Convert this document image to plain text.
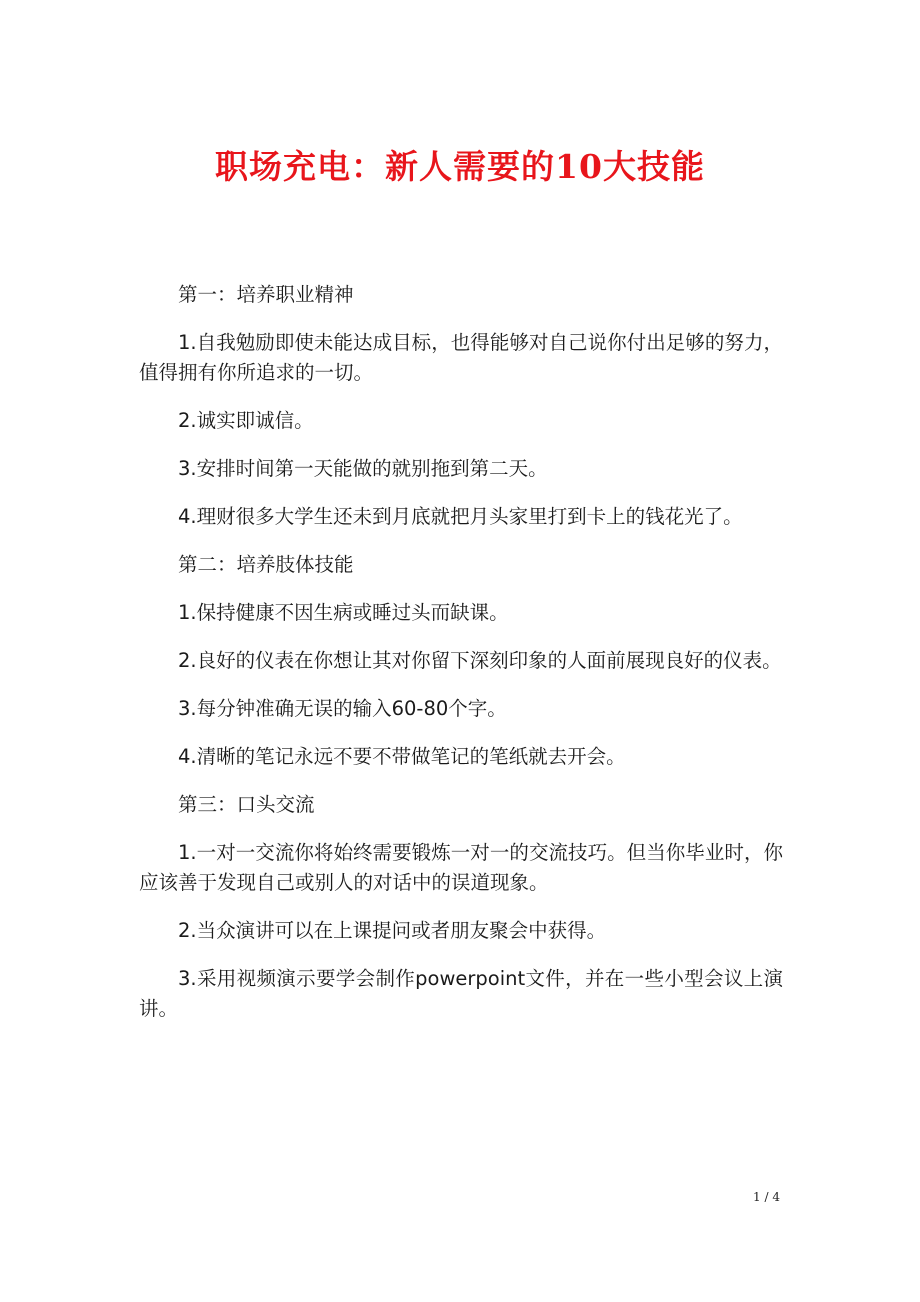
职场充电：新人需要的10大技能

第一：培养职业精神

1.自我勉励即使未能达成目标，也得能够对自己说你付出足够的努力，值得拥有你所追求的一切。

2.诚实即诚信。

3.安排时间第一天能做的就别拖到第二天。

4.理财很多大学生还未到月底就把月头家里打到卡上的钱花光了。

第二：培养肢体技能

1.保持健康不因生病或睡过头而缺课。

2.良好的仪表在你想让其对你留下深刻印象的人面前展现良好的仪表。

3.每分钟准确无误的输入60-80个字。

4.清晰的笔记永远不要不带做笔记的笔纸就去开会。

第三：口头交流

1.一对一交流你将始终需要锻炼一对一的交流技巧。但当你毕业时，你应该善于发现自己或别人的对话中的误道现象。

2.当众演讲可以在上课提问或者朋友聚会中获得。

3.采用视频演示要学会制作powerpoint文件，并在一些小型会议上演讲。

1 / 4
